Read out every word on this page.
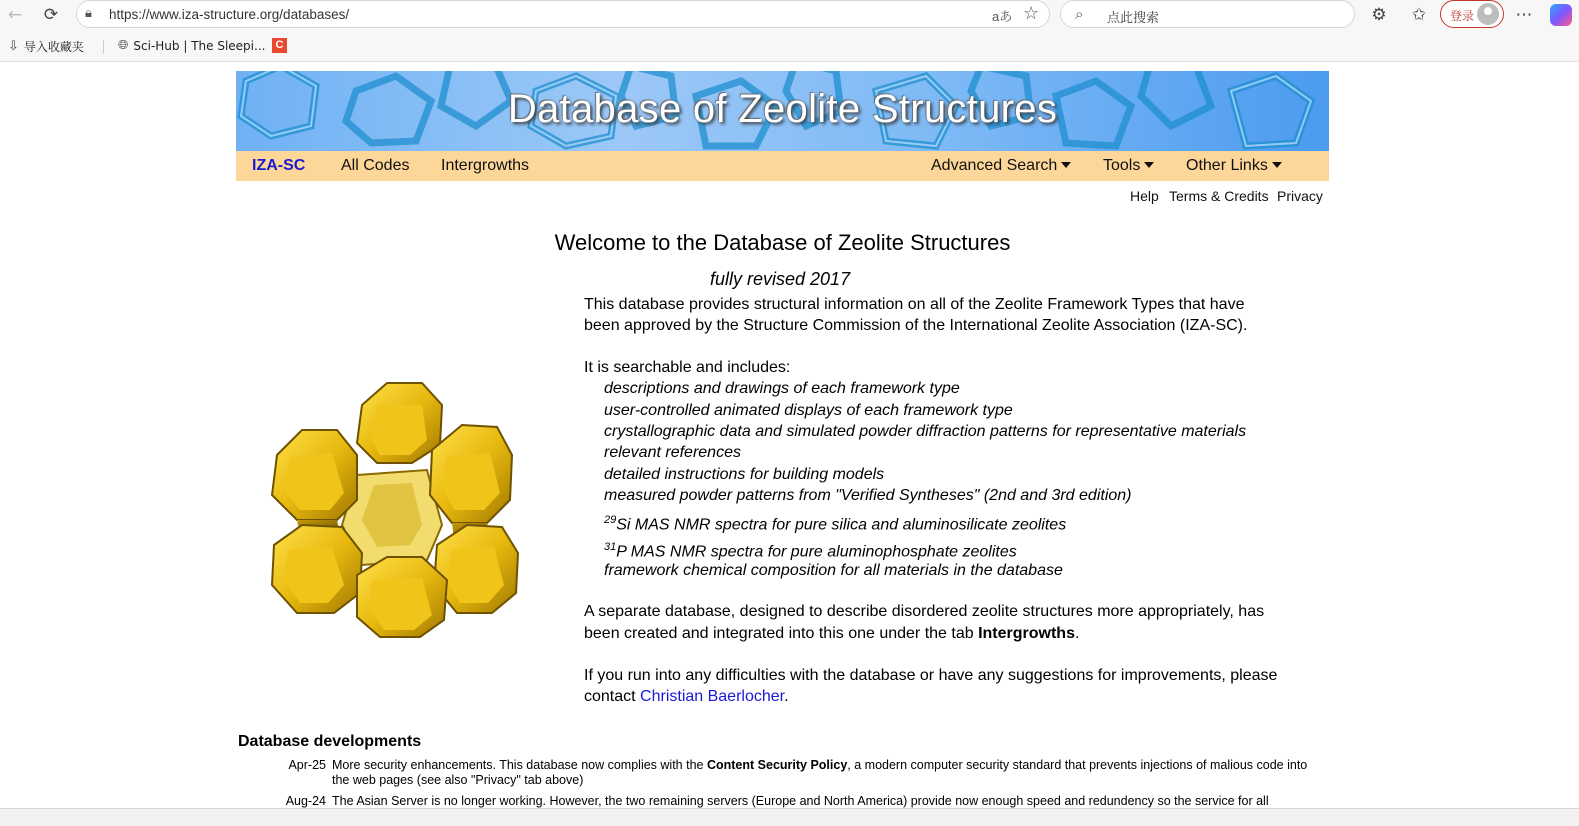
← ⟳ 🔒︎ https://www.iza-structure.org/databases/	aあ ☆ ⌕ 点此搜索	⚙ ✩	登录 ⋯
⇩ 导入收藏夹	🌐︎ Sci-Hub | The Sleepi... C
Database of Zeolite Structures
IZA-SC All Codes Intergrowths	Advanced Search	Tools	Other Links
Help Terms & Credits Privacy
Welcome to the Database of Zeolite Structures
fully revised 2017
This database provides structural information on all of the Zeolite Framework Types that have
been approved by the Structure Commission of the International Zeolite Association (IZA-SC).
It is searchable and includes:
descriptions and drawings of each framework type
user-controlled animated displays of each framework type
crystallographic data and simulated powder diffraction patterns for representative materials
relevant references
detailed instructions for building models
measured powder patterns from "Verified Syntheses" (2nd and 3rd edition)
$^{29}$Si MAS NMR spectra for pure silica and aluminosilicate zeolites
$^{31}$P MAS NMR spectra for pure aluminophosphate zeolites
framework chemical composition for all materials in the database
A separate database, designed to describe disordered zeolite structures more appropriately, has
been created and integrated into this one under the tab Intergrowths.
If you run into any difficulties with the database or have any suggestions for improvements, please
contact Christian Baerlocher.
Database developments
Apr-25 More security enhancements. This database now complies with the Content Security Policy, a modern computer security standard that prevents injections of malious code into the web pages (see also "Privacy" tab above)
Aug-24 The Asian Server is no longer working. However, the two remaining servers (Europe and North America) provide now enough speed and redundency so the service for all
